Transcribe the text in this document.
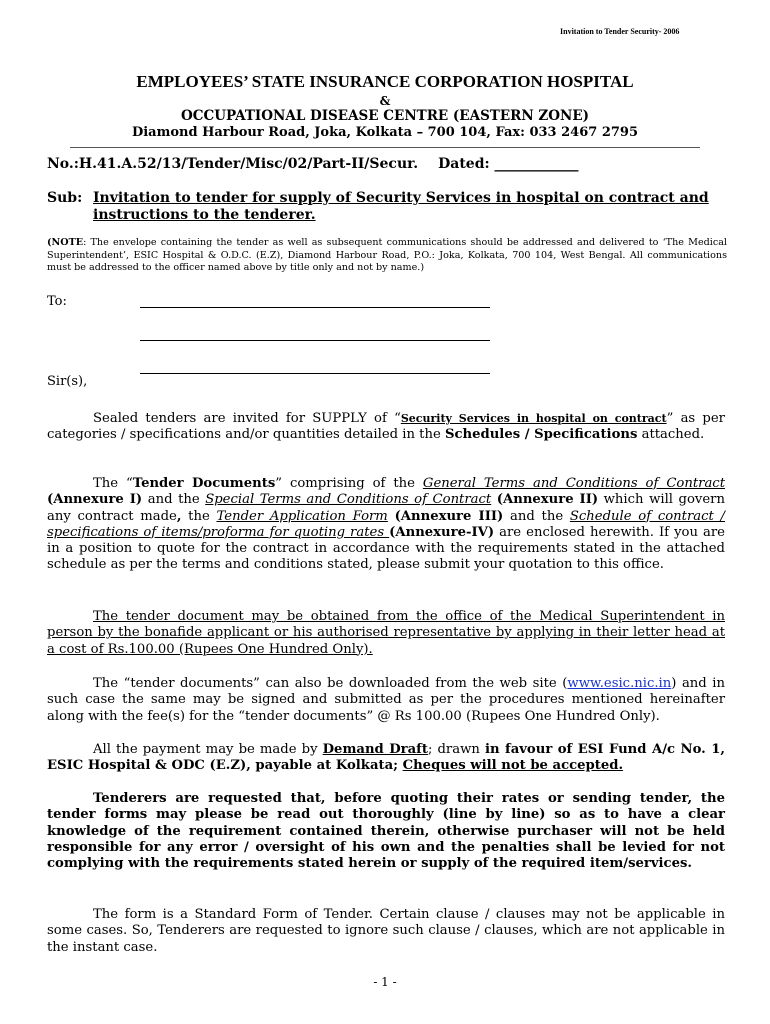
Invitation to Tender Security- 2006
EMPLOYEES’ STATE INSURANCE CORPORATION HOSPITAL
&
OCCUPATIONAL DISEASE CENTRE (EASTERN ZONE)
Diamond Harbour Road, Joka, Kolkata – 700 104, Fax: 033 2467 2795
No.:H.41.A.52/13/Tender/Misc/02/Part-II/Secur. Dated: ____________
Sub: Invitation to tender for supply of Security Services in hospital on contract and instructions to the tenderer.
(NOTE: The envelope containing the tender as well as subsequent communications should be addressed and delivered to ‘The Medical Superintendent’, ESIC Hospital & O.D.C. (E.Z), Diamond Harbour Road, P.O.: Joka, Kolkata, 700 104, West Bengal. All communications must be addressed to the officer named above by title only and not by name.)
To:
Sir(s),
Sealed tenders are invited for SUPPLY of “Security Services in hospital on contract” as per categories / specifications and/or quantities detailed in the Schedules / Specifications attached.
The “Tender Documents” comprising of the General Terms and Conditions of Contract (Annexure I) and the Special Terms and Conditions of Contract (Annexure II) which will govern any contract made, the Tender Application Form (Annexure III) and the Schedule of contract / specifications of items/proforma for quoting rates (Annexure-IV) are enclosed herewith. If you are in a position to quote for the contract in accordance with the requirements stated in the attached schedule as per the terms and conditions stated, please submit your quotation to this office.
The tender document may be obtained from the office of the Medical Superintendent in person by the bonafide applicant or his authorised representative by applying in their letter head at a cost of Rs.100.00 (Rupees One Hundred Only).
The “tender documents” can also be downloaded from the web site (www.esic.nic.in) and in such case the same may be signed and submitted as per the procedures mentioned hereinafter along with the fee(s) for the “tender documents” @ Rs 100.00 (Rupees One Hundred Only).
All the payment may be made by Demand Draft; drawn in favour of ESI Fund A/c No. 1, ESIC Hospital & ODC (E.Z), payable at Kolkata; Cheques will not be accepted.
Tenderers are requested that, before quoting their rates or sending tender, the tender forms may please be read out thoroughly (line by line) so as to have a clear knowledge of the requirement contained therein, otherwise purchaser will not be held responsible for any error / oversight of his own and the penalties shall be levied for not complying with the requirements stated herein or supply of the required item/services.
The form is a Standard Form of Tender. Certain clause / clauses may not be applicable in some cases. So, Tenderers are requested to ignore such clause / clauses, which are not applicable in the instant case.
- 1 -
